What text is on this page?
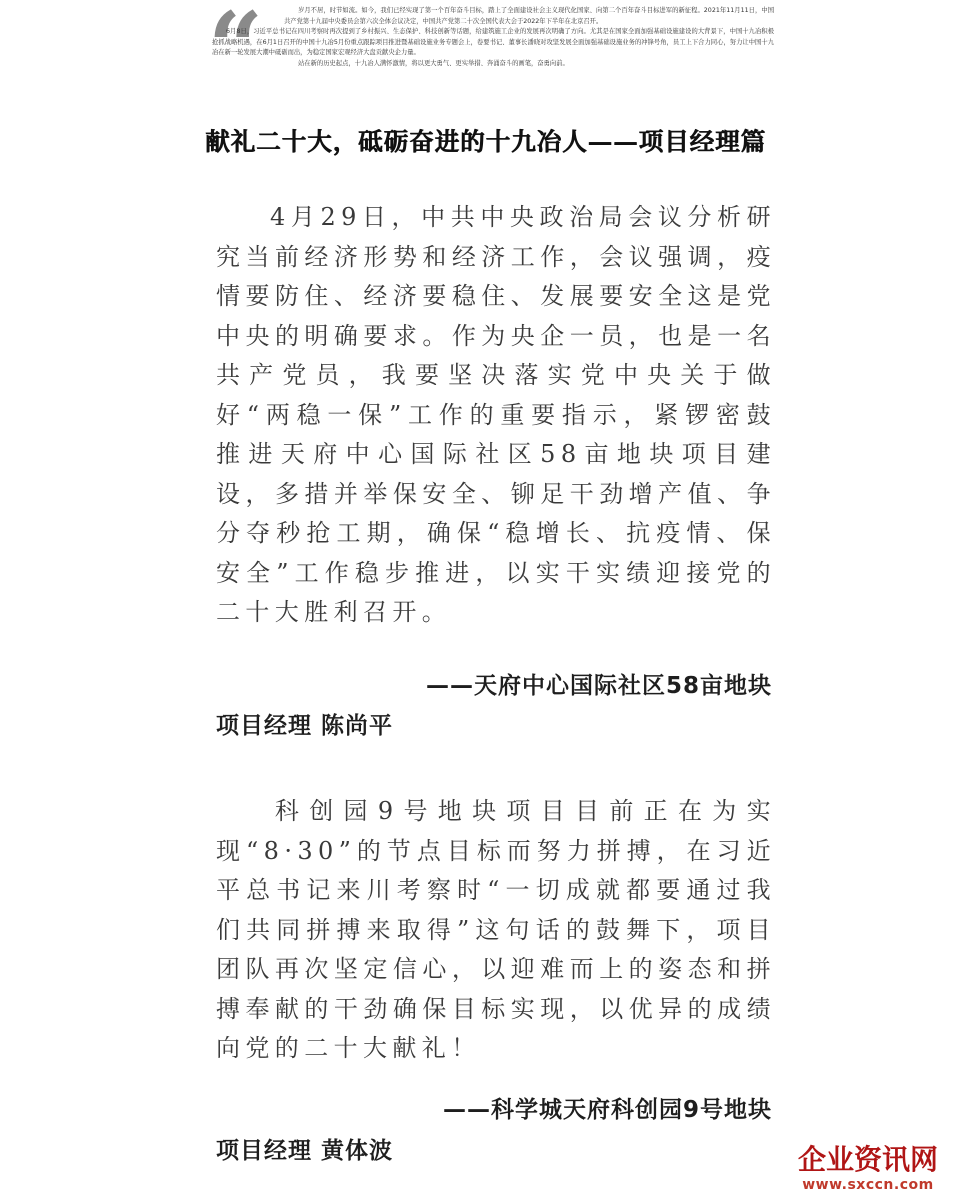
“	岁月不居，时节如流。如今，我们已经实现了第一个百年奋斗目标，踏上了全面建设社会主义现代化国家、向第二个百年奋斗目标进军的新征程。2021年11月11日，中国共产党第十九届中央委员会第六次全体会议决定，中国共产党第二十次全国代表大会于2022年下半年在北京召开。

6月8日，习近平总书记在四川考察时再次提到了乡村振兴、生态保护、科技创新等话题，给建筑施工企业的发展再次明确了方向。尤其是在国家全面加强基础设施建设的大背景下，中国十九冶积极抢抓战略机遇，在6月1日召开的中国十九冶5月份重点跟踪项目推进暨基础设施业务专题会上，卷要书记、董事长潘晓对攻坚发展全面加强基础设施业务的冲锋号角，员工上下合力同心，努力让中国十九冶在新一轮发展大潮中砥砺而出，为稳定国家宏观经济大盘贡献央企力量。

站在新的历史起点，十九冶人满怀激情，将以更大勇气、更实举措、奔涌奋斗的画笔，奋勇向前。

献礼二十大，砥砺奋进的十九冶人——项目经理篇

4月29日，中共中央政治局会议分析研究当前经济形势和经济工作，会议强调，疫情要防住、经济要稳住、发展要安全这是党中央的明确要求。作为央企一员，也是一名共产党员，我要坚决落实党中央关于做好“两稳一保”工作的重要指示，紧锣密鼓推进天府中心国际社区58亩地块项目建设，多措并举保安全、铆足干劲增产值、争分夺秒抢工期，确保“稳增长、抗疫情、保安全”工作稳步推进，以实干实绩迎接党的二十大胜利召开。

——天府中心国际社区58亩地块
项目经理 陈尚平

科创园9号地块项目目前正在为实现“8·30”的节点目标而努力拼搏，在习近平总书记来川考察时“一切成就都要通过我们共同拼搏来取得”这句话的鼓舞下，项目团队再次坚定信心，以迎难而上的姿态和拼搏奉献的干劲确保目标实现，以优异的成绩向党的二十大献礼！

——科学城天府科创园9号地块
项目经理 黄体波	企业资讯网
www.sxccn.com
